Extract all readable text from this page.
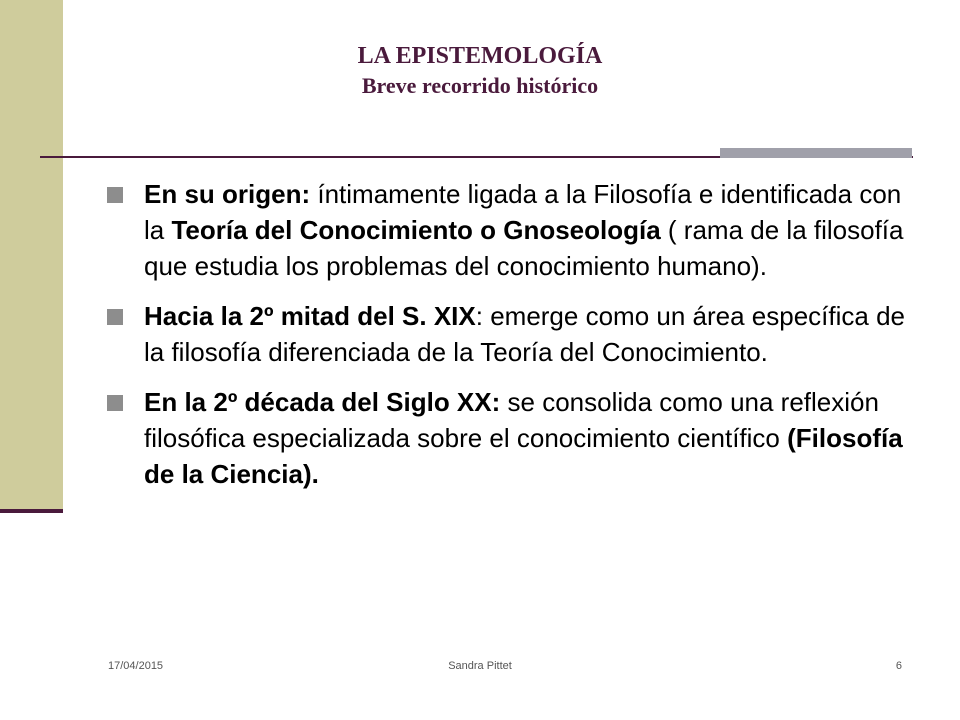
LA EPISTEMOLOGÍA
Breve recorrido histórico
En su origen: íntimamente ligada a la Filosofía e identificada con la Teoría del Conocimiento o Gnoseología ( rama de la filosofía que estudia los problemas del conocimiento humano).
Hacia la 2º mitad del S. XIX: emerge como un área específica de la filosofía diferenciada de la Teoría del Conocimiento.
En la 2º década del Siglo XX: se consolida como una reflexión filosófica especializada sobre el conocimiento científico (Filosofía de la Ciencia).
17/04/2015	Sandra Pittet	6
